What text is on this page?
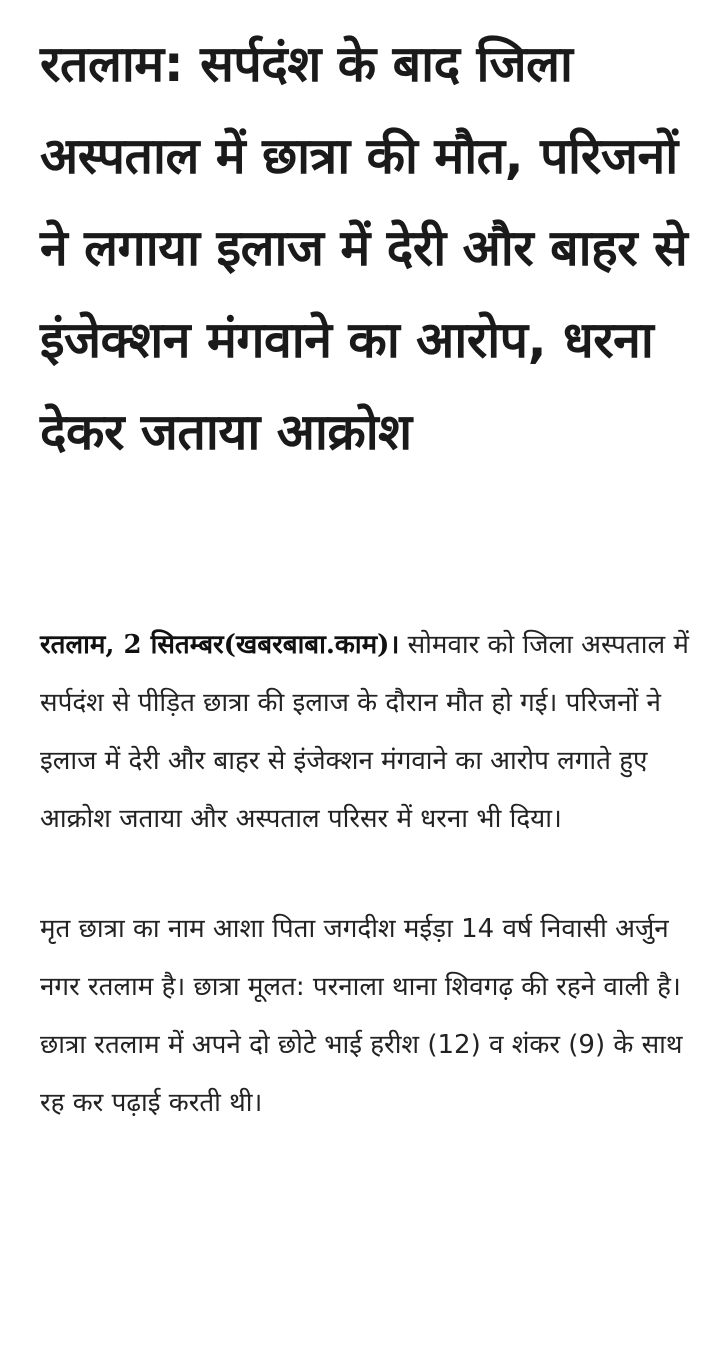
रतलाम: सर्पदंश के बाद जिला अस्पताल में छात्रा की मौत, परिजनों ने लगाया इलाज में देरी और बाहर से इंजेक्शन मंगवाने का आरोप, धरना देकर जताया आक्रोश

रतलाम, 2 सितम्बर(खबरबाबा.काम)। सोमवार को जिला अस्पताल में सर्पदंश से पीड़ित छात्रा की इलाज के दौरान मौत हो गई। परिजनों ने इलाज में देरी और बाहर से इंजेक्शन मंगवाने का आरोप लगाते हुए आक्रोश जताया और अस्पताल परिसर में धरना भी दिया।

मृत छात्रा का नाम आशा पिता जगदीश मईड़ा 14 वर्ष निवासी अर्जुन नगर रतलाम है। छात्रा मूलत: परनाला थाना शिवगढ़ की रहने वाली है। छात्रा रतलाम में अपने दो छोटे भाई हरीश (12) व शंकर (9) के साथ रह कर पढ़ाई करती थी।
